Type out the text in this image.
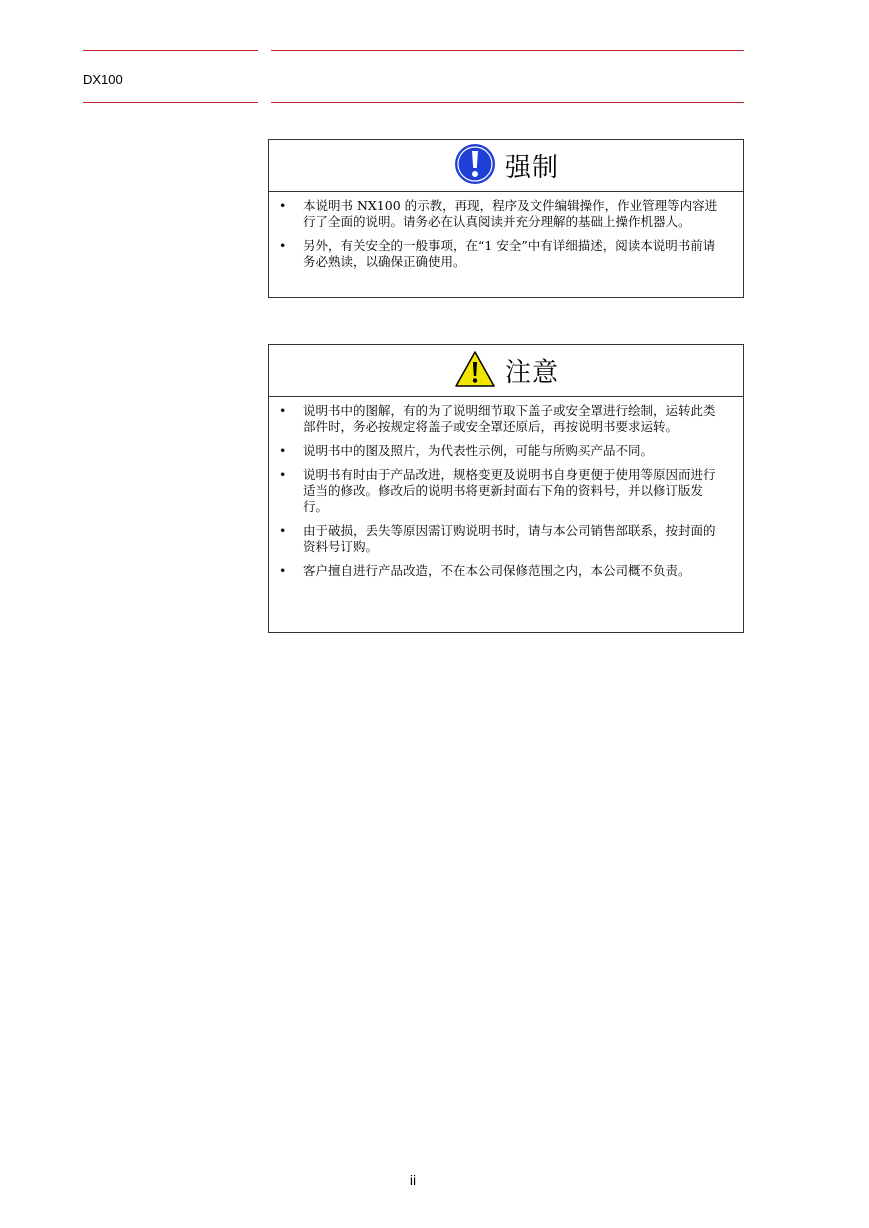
DX100
强制
• 本说明书 NX100 的示教，再现，程序及文件编辑操作，作业管理等内容进行了全面的说明。请务必在认真阅读并充分理解的基础上操作机器人。
• 另外，有关安全的一般事项，在“1 安全”中有详细描述，阅读本说明书前请务必熟读，以确保正确使用。
注意
• 说明书中的图解，有的为了说明细节取下盖子或安全罩进行绘制，运转此类部件时，务必按规定将盖子或安全罩还原后，再按说明书要求运转。
• 说明书中的图及照片，为代表性示例，可能与所购买产品不同。
• 说明书有时由于产品改进，规格变更及说明书自身更便于使用等原因而进行适当的修改。修改后的说明书将更新封面右下角的资料号，并以修订版发行。
• 由于破损，丢失等原因需订购说明书时，请与本公司销售部联系，按封面的资料号订购。
• 客户擅自进行产品改造，不在本公司保修范围之内，本公司概不负责。
ii
